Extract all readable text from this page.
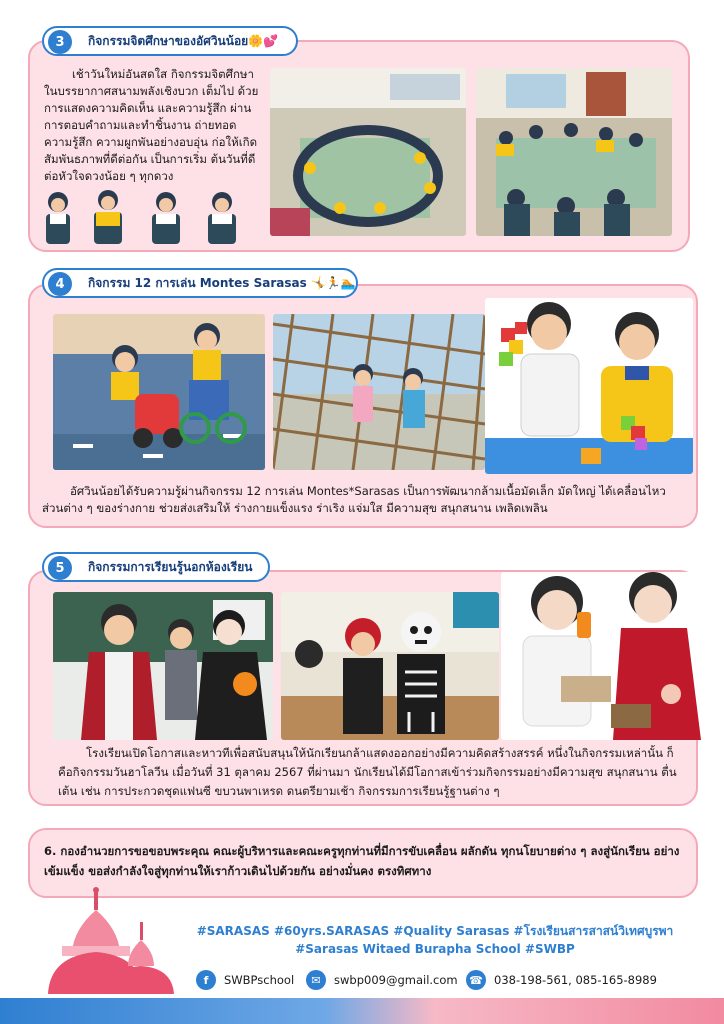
3	กิจกรรมจิตศึกษาของอัศวินน้อย🌼💕

เช้าวันใหม่อันสดใส กิจกรรมจิตศึกษา ในบรรยากาศสนามพลังเชิงบวก เต็มไป ด้วยการแสดงความคิดเห็น และความรู้สึก ผ่านการตอบคำถามและทำชิ้นงาน ถ่ายทอดความรู้สึก ความผูกพันอย่างอบอุ่น ก่อให้เกิดสัมพันธภาพที่ดีต่อกัน เป็นการเริ่ม ต้นวันที่ดีต่อหัวใจดวงน้อย ๆ ทุกดวง

4	กิจกรรม 12 การเล่น Montes Sarasas 🤸🏃🏊

อัศวินน้อยได้รับความรู้ผ่านกิจกรรม 12 การเล่น Montes*Sarasas เป็นการพัฒนากล้ามเนื้อมัดเล็ก มัดใหญ่ ได้เคลื่อนไหวส่วนต่าง ๆ ของร่างกาย ช่วยส่งเสริมให้ ร่างกายแข็งแรง ร่าเริง แจ่มใส มีความสุข สนุกสนาน เพลิดเพลิน

5	กิจกรรมการเรียนรู้นอกห้องเรียน

โรงเรียนเปิดโอกาสและหาวทีเพื่อสนับสนุนให้นักเรียนกล้าแสดงออกอย่างมีความคิดสร้างสรรค์ หนึ่งในกิจกรรมเหล่านั้น ก็คือกิจกรรมวันฮาโลวีน เมื่อวันที่ 31 ตุลาคม 2567 ที่ผ่านมา นักเรียนได้มีโอกาสเข้าร่วมกิจกรรมอย่างมีความสุข สนุกสนาน ตื่นเต้น เช่น การประกวดชุดแฟนซี ขบวนพาเหรด ดนตรียามเช้า กิจกรรมการเรียนรู้ฐานต่าง ๆ

6. กองอำนวยการขอขอบพระคุณ คณะผู้บริหารและคณะครูทุกท่านที่มีการขับเคลื่อน ผลักดัน ทุกนโยบายต่าง ๆ ลงสู่นักเรียน อย่างเข้มแข็ง ขอส่งกำลังใจสู่ทุกท่านให้เราก้าวเดินไปด้วยกัน อย่างมั่นคง ตรงทิศทาง
#SARASAS #60yrs.SARASAS #Quality Sarasas #โรงเรียนสารสาสน์วิเทศบูรพา
#Sarasas Witaed Burapha School #SWBP
f	SWBPschool	✉	swbp009@gmail.com ☎ 038-198-561, 085-165-8989
